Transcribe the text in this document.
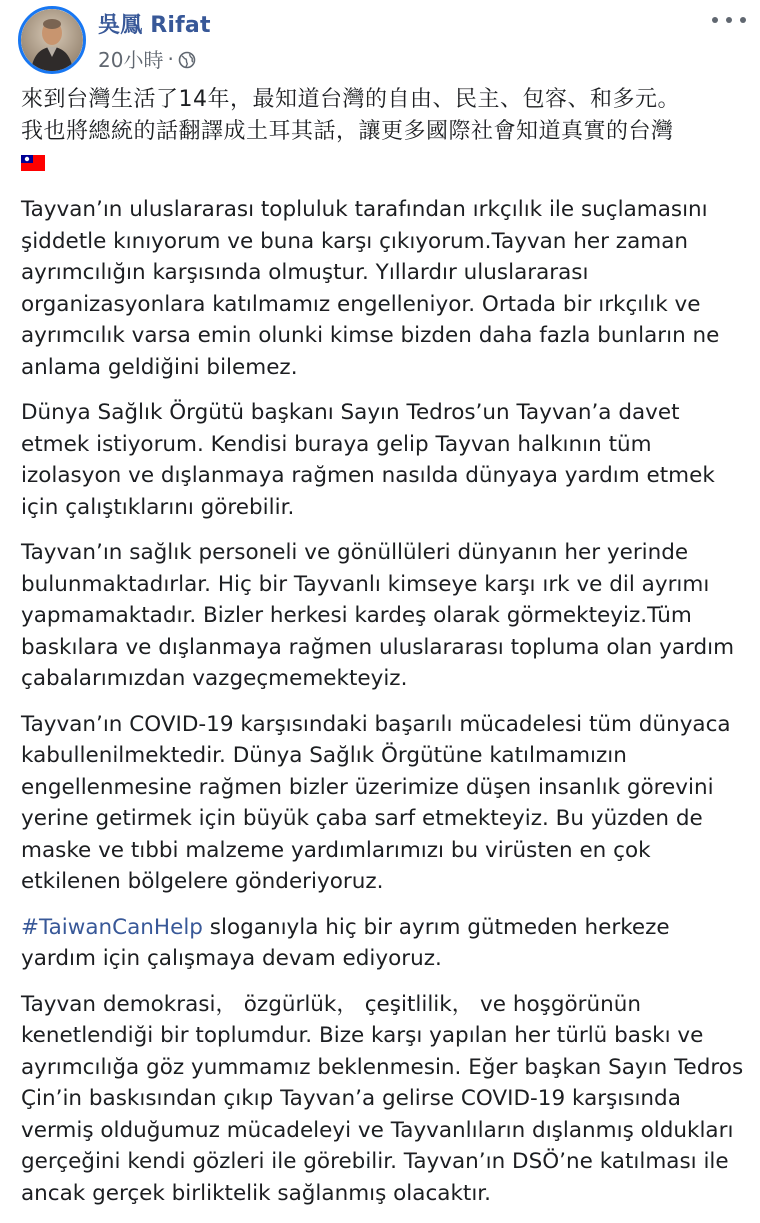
吳鳳 Rifat
20小時 ·

來到台灣生活了14年，最知道台灣的自由、民主、包容、和多元。
我也將總統的話翻譯成土耳其話，讓更多國際社會知道真實的台灣

Tayvan’ın uluslararası topluluk tarafından ırkçılık ile suçlamasını şiddetle kınıyorum ve buna karşı çıkıyorum.Tayvan her zaman ayrımcılığın karşısında olmuştur. Yıllardır uluslararası organizasyonlara katılmamız engelleniyor. Ortada bir ırkçılık ve ayrımcılık varsa emin olunki kimse bizden daha fazla bunların ne anlama geldiğini bilemez.

Dünya Sağlık Örgütü başkanı Sayın Tedros’un Tayvan’a davet etmek istiyorum. Kendisi buraya gelip Tayvan halkının tüm izolasyon ve dışlanmaya rağmen nasılda dünyaya yardım etmek için çalıştıklarını görebilir.

Tayvan’ın sağlık personeli ve gönüllüleri dünyanın her yerinde bulunmaktadırlar. Hiç bir Tayvanlı kimseye karşı ırk ve dil ayrımı yapmamaktadır. Bizler herkesi kardeş olarak görmekteyiz.Tüm baskılara ve dışlanmaya rağmen uluslararası topluma olan yardım çabalarımızdan vazgeçmemekteyiz.

Tayvan’ın COVID-19 karşısındaki başarılı mücadelesi tüm dünyaca kabullenilmektedir. Dünya Sağlık Örgütüne katılmamızın engellenmesine rağmen bizler üzerimize düşen insanlık görevini yerine getirmek için büyük çaba sarf etmekteyiz. Bu yüzden de maske ve tıbbi malzeme yardımlarımızı bu virüsten en çok etkilenen bölgelere gönderiyoruz.

#TaiwanCanHelp sloganıyla hiç bir ayrım gütmeden herkeze yardım için çalışmaya devam ediyoruz.

Tayvan demokrasi， özgürlük， çeşitlilik， ve hoşgörünün kenetlendiği bir toplumdur. Bize karşı yapılan her türlü baskı ve ayrımcılığa göz yummamız beklenmesin. Eğer başkan Sayın Tedros Çin’in baskısından çıkıp Tayvan’a gelirse COVID-19 karşısında vermiş olduğumuz mücadeleyi ve Tayvanlıların dışlanmış oldukları gerçeğini kendi gözleri ile görebilir. Tayvan’ın DSÖ’ne katılması ile ancak gerçek birliktelik sağlanmış olacaktır.
